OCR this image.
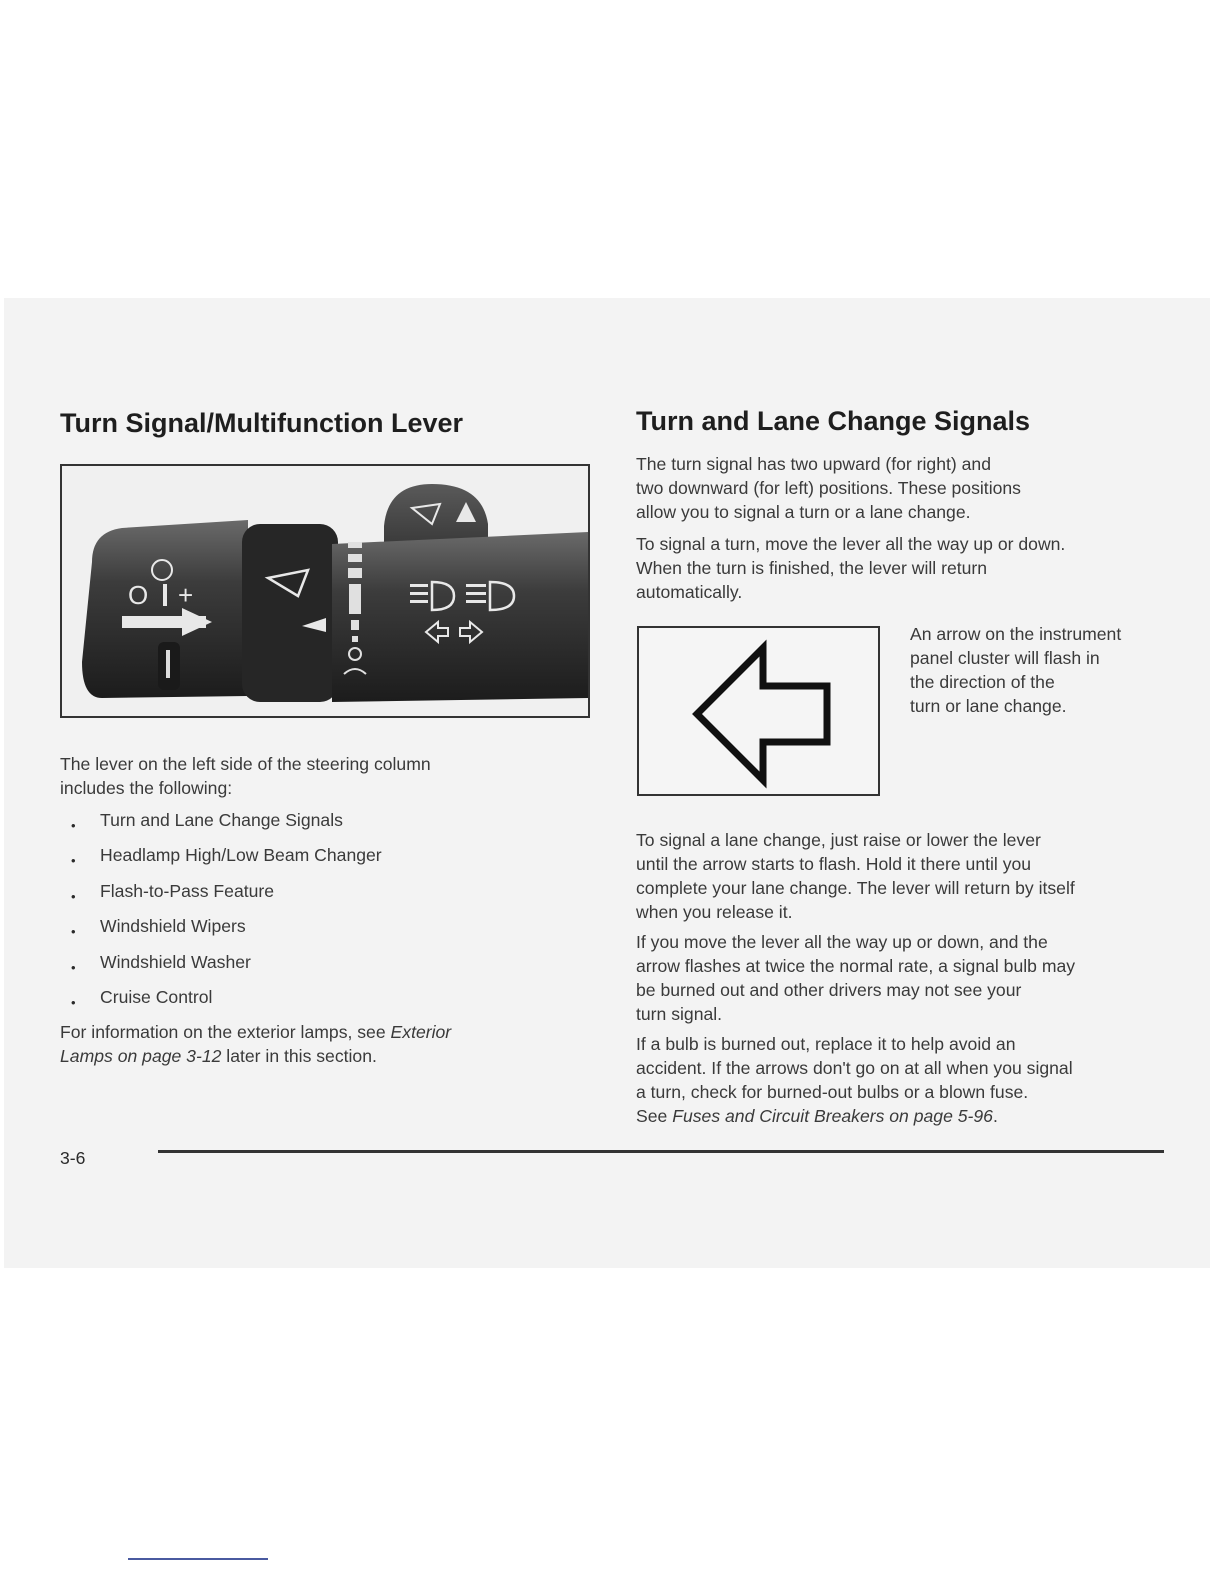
Turn Signal/Multifunction Lever
O +

The lever on the left side of the steering column
includes the following:

• Turn and Lane Change Signals
• Headlamp High/Low Beam Changer
• Flash-to-Pass Feature
• Windshield Wipers
• Windshield Washer
• Cruise Control

For information on the exterior lamps, see Exterior
Lamps on page 3-12 later in this section.

Turn and Lane Change Signals

The turn signal has two upward (for right) and
two downward (for left) positions. These positions
allow you to signal a turn or a lane change.

To signal a turn, move the lever all the way up or down.
When the turn is finished, the lever will return
automatically.

An arrow on the instrument
panel cluster will flash in
the direction of the
turn or lane change.

To signal a lane change, just raise or lower the lever
until the arrow starts to flash. Hold it there until you
complete your lane change. The lever will return by itself
when you release it.

If you move the lever all the way up or down, and the
arrow flashes at twice the normal rate, a signal bulb may
be burned out and other drivers may not see your
turn signal.

If a bulb is burned out, replace it to help avoid an
accident. If the arrows don't go on at all when you signal
a turn, check for burned-out bulbs or a blown fuse.
See Fuses and Circuit Breakers on page 5-96.

3-6
